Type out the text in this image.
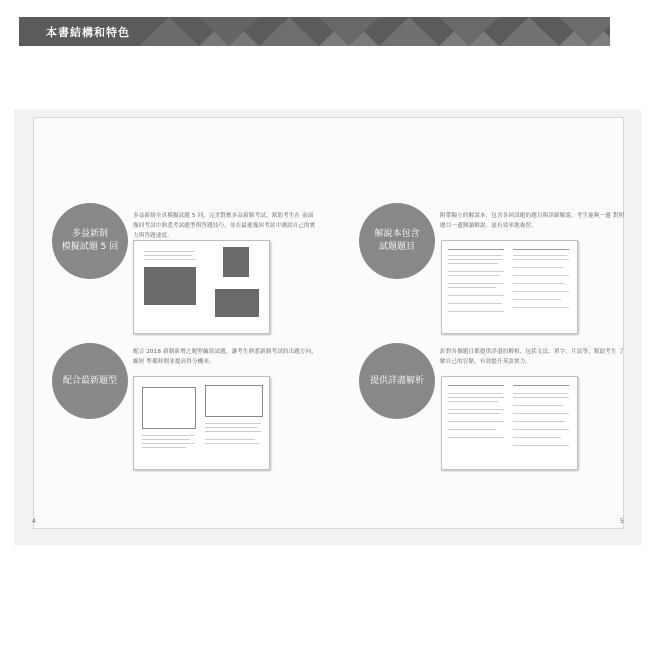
4	5
本書結構和特色
多益新制
模擬試題 5 回
多益新制全真模擬試題 5 回，完美對應多益新制考試，幫助考生在 前面幾回考試中熟悉考試題型與答題技巧，並在最後幾回考試中測試自己的實力與答題速度。	解說本包含
試題題目
附帶獨立的解說本，包含各回試題的題目與詳細解說，考生能夠一邊 對照題目一邊閱讀解說，更有效率地複習。
配合最新題型
配合 2018 新制新增之題型編寫試題，讓考生熟悉新制考試的出題方向，縮短 準備時間並提高得分機率。
提供詳盡解析
針對各個題目都提供詳盡的解析，包括文法、單字、片語等，幫助考生 了解自己的盲點，有效提升英語實力。
